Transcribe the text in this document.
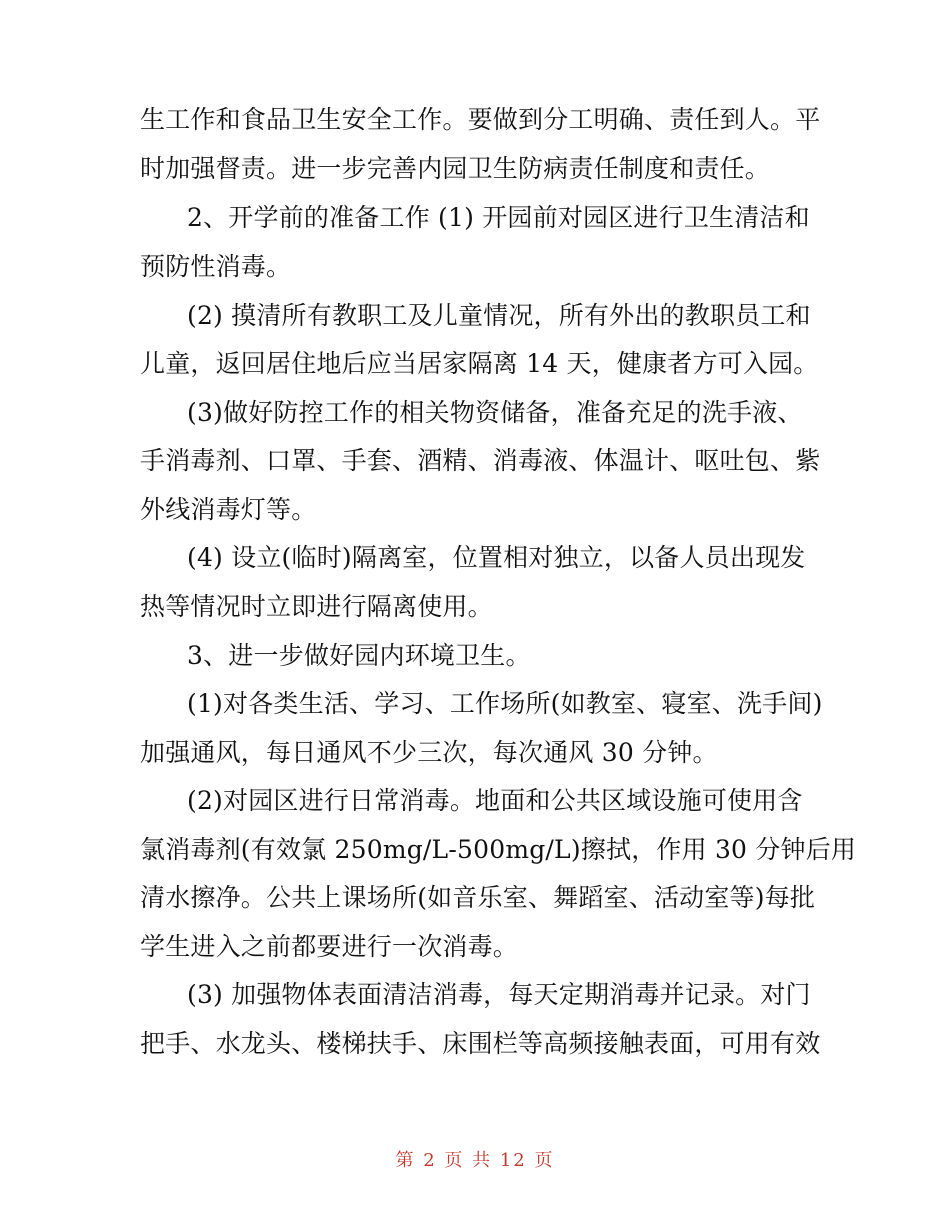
生工作和食品卫生安全工作。要做到分工明确、责任到人。平
时加强督责。进一步完善内园卫生防病责任制度和责任。
2、开学前的准备工作 (1) 开园前对园区进行卫生清洁和
预防性消毒。
(2) 摸清所有教职工及儿童情况，所有外出的教职员工和
儿童，返回居住地后应当居家隔离 14 天，健康者方可入园。
(3)做好防控工作的相关物资储备，准备充足的洗手液、
手消毒剂、口罩、手套、酒精、消毒液、体温计、呕吐包、紫
外线消毒灯等。
(4) 设立(临时)隔离室，位置相对独立，以备人员出现发
热等情况时立即进行隔离使用。
3、进一步做好园内环境卫生。
(1)对各类生活、学习、工作场所(如教室、寝室、洗手间)
加强通风，每日通风不少三次，每次通风 30 分钟。
(2)对园区进行日常消毒。地面和公共区域设施可使用含
氯消毒剂(有效氯 250mg/L-500mg/L)擦拭，作用 30 分钟后用
清水擦净。公共上课场所(如音乐室、舞蹈室、活动室等)每批
学生进入之前都要进行一次消毒。
(3) 加强物体表面清洁消毒，每天定期消毒并记录。对门
把手、水龙头、楼梯扶手、床围栏等高频接触表面，可用有效
第 2 页 共 12 页
